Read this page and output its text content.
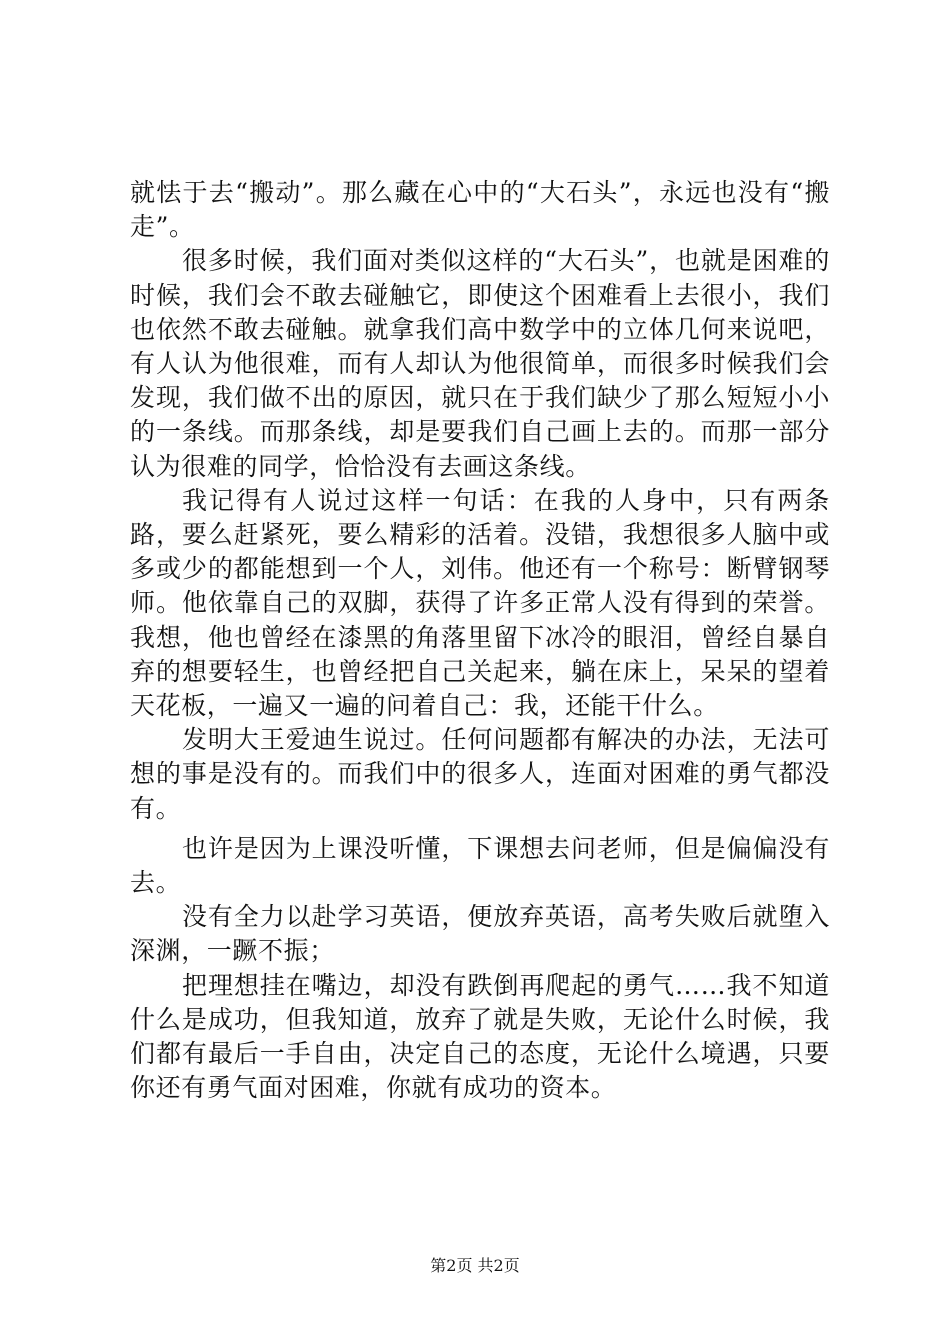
就怯于去“搬动”。那么藏在心中的“大石头”，永远也没有“搬走”。

很多时候，我们面对类似这样的“大石头”，也就是困难的时候，我们会不敢去碰触它，即使这个困难看上去很小，我们也依然不敢去碰触。就拿我们高中数学中的立体几何来说吧，有人认为他很难，而有人却认为他很简单，而很多时候我们会发现，我们做不出的原因，就只在于我们缺少了那么短短小小的一条线。而那条线，却是要我们自己画上去的。而那一部分认为很难的同学，恰恰没有去画这条线。

我记得有人说过这样一句话：在我的人身中，只有两条路，要么赶紧死，要么精彩的活着。没错，我想很多人脑中或多或少的都能想到一个人，刘伟。他还有一个称号：断臂钢琴师。他依靠自己的双脚，获得了许多正常人没有得到的荣誉。我想，他也曾经在漆黑的角落里留下冰冷的眼泪，曾经自暴自弃的想要轻生，也曾经把自己关起来，躺在床上，呆呆的望着天花板，一遍又一遍的问着自己：我，还能干什么。

发明大王爱迪生说过。任何问题都有解决的办法，无法可想的事是没有的。而我们中的很多人，连面对困难的勇气都没有。

也许是因为上课没听懂，下课想去问老师，但是偏偏没有去。

没有全力以赴学习英语，便放弃英语，高考失败后就堕入深渊，一蹶不振；

把理想挂在嘴边，却没有跌倒再爬起的勇气……我不知道什么是成功，但我知道，放弃了就是失败，无论什么时候，我们都有最后一手自由，决定自己的态度，无论什么境遇，只要你还有勇气面对困难，你就有成功的资本。

第2页 共2页
